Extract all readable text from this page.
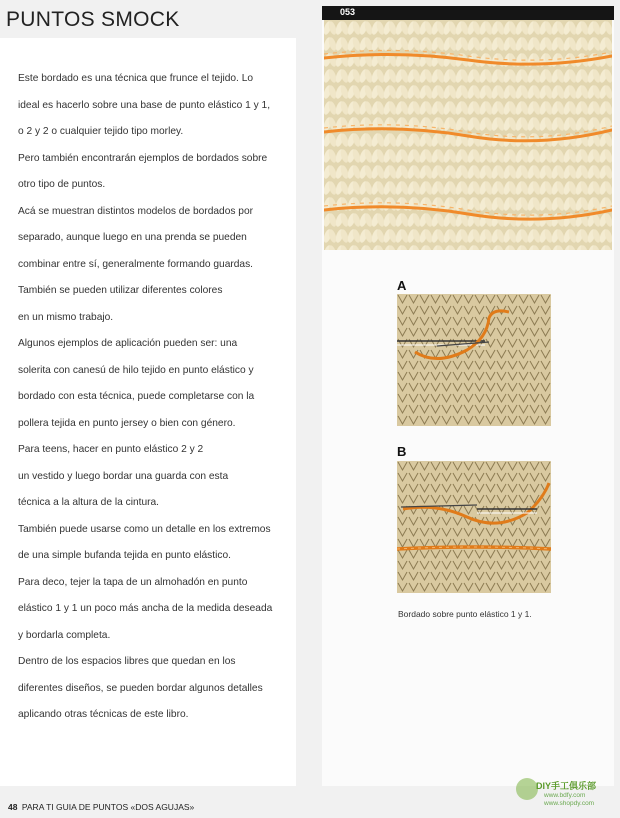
PUNTOS SMOCK

Este bordado es una técnica que frunce el tejido. Lo

ideal es hacerlo sobre una base de punto elástico 1 y 1,

o 2 y 2 o cualquier tejido tipo morley.

Pero también encontrarán ejemplos de bordados sobre

otro tipo de puntos.

Acá se muestran distintos modelos de bordados por

separado, aunque luego en una prenda se pueden

combinar entre sí, generalmente formando guardas.

También se pueden utilizar diferentes colores

en un mismo trabajo.

Algunos ejemplos de aplicación pueden ser: una

solerita con canesú de hilo tejido en punto elástico y

bordado con esta técnica, puede completarse con la

pollera tejida en punto jersey o bien con género.

Para teens, hacer en punto elástico 2 y 2

un vestido y luego bordar una guarda con esta

técnica a la altura de la cintura.

También puede usarse como un detalle en los extremos

de una simple bufanda tejida en punto elástico.

Para deco, tejer la tapa de un almohadón en punto

elástico 1 y 1 un poco más ancha de la medida deseada

y bordarla completa.

Dentro de los espacios libres que quedan en los

diferentes diseños, se pueden bordar algunos detalles

aplicando otras técnicas de este libro.

053
A
B
Bordado sobre punto elástico 1 y 1.
48 PARA TI GUIA DE PUNTOS «DOS AGUJAS»
DIY手工俱乐部
www.bdfy.com
www.shopdy.com
